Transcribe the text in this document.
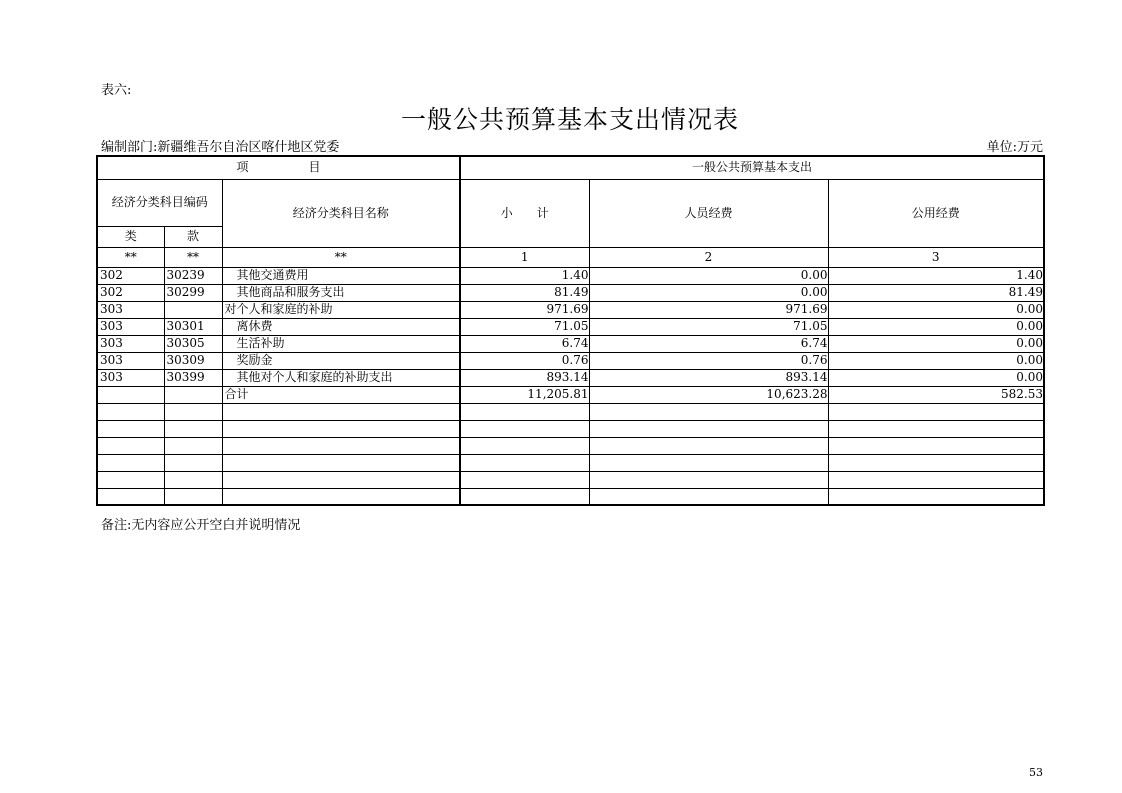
表六:
一般公共预算基本支出情况表
编制部门:新疆维吾尔自治区喀什地区党委	单位:万元
项　　　　　目			一般公共预算基本支出		
经济分类科目编码		经济分类科目名称	小　　计	人员经费	公用经费
类	款				
**	**	**	1	2	3
302	30239	其他交通费用	1.40	0.00	1.40
302	30299	其他商品和服务支出	81.49	0.00	81.49
303		对个人和家庭的补助	971.69	971.69	0.00
303	30301	离休费	71.05	71.05	0.00
303	30305	生活补助	6.74	6.74	0.00
303	30309	奖励金	0.76	0.76	0.00
303	30399	其他对个人和家庭的补助支出	893.14	893.14	0.00
		合计	11,205.81	10,623.28	582.53

备注:无内容应公开空白并说明情况
53
